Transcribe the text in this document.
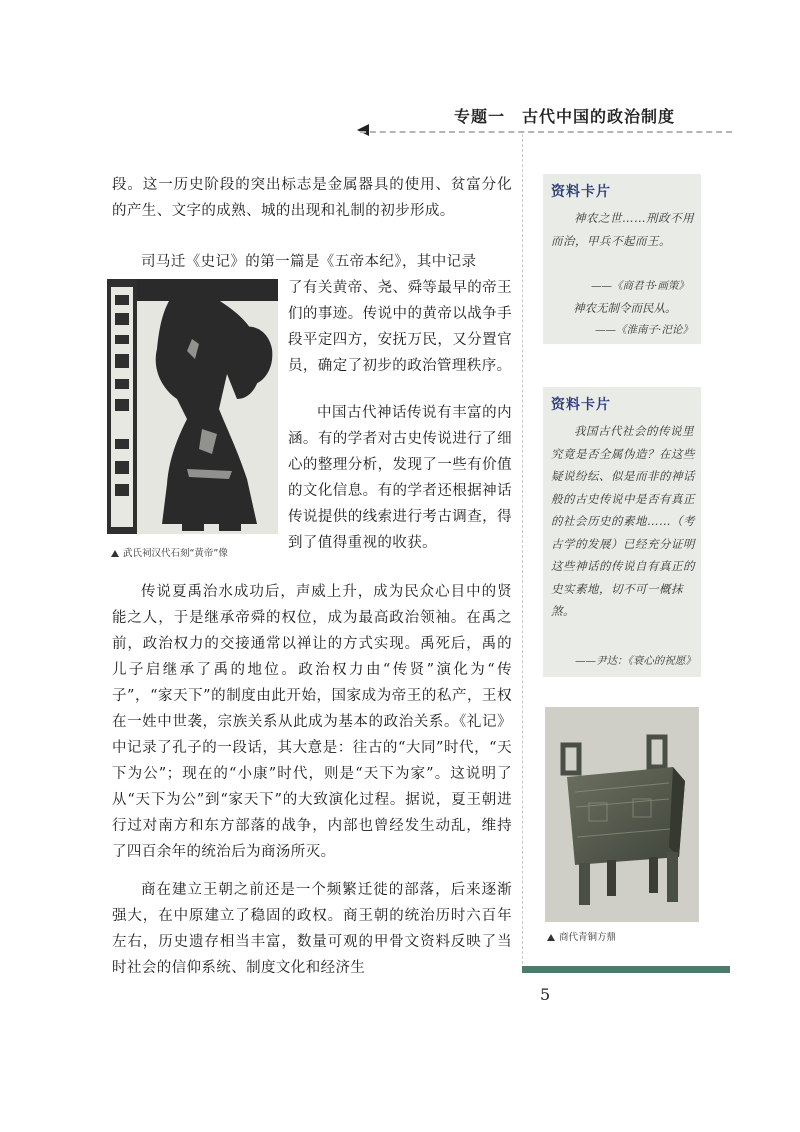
专题一　古代中国的政治制度

段。这一历史阶段的突出标志是金属器具的使用、贫富分化的产生、文字的成熟、城的出现和礼制的初步形成。

司马迁《史记》的第一篇是《五帝本纪》，其中记录

了有关黄帝、尧、舜等最早的帝王们的事迹。传说中的黄帝以战争手段平定四方，安抚万民，又分置官员，确定了初步的政治管理秩序。

中国古代神话传说有丰富的内涵。有的学者对古史传说进行了细心的整理分析，发现了一些有价值的文化信息。有的学者还根据神话传说提供的线索进行考古调查，得到了值得重视的收获。

传说夏禹治水成功后，声威上升，成为民众心目中的贤能之人，于是继承帝舜的权位，成为最高政治领袖。在禹之前，政治权力的交接通常以禅让的方式实现。禹死后，禹的儿子启继承了禹的地位。政治权力由“传贤”演化为“传子”，“家天下”的制度由此开始，国家成为帝王的私产，王权在一姓中世袭，宗族关系从此成为基本的政治关系。《礼记》中记录了孔子的一段话，其大意是：往古的“大同”时代，“天下为公”；现在的“小康”时代，则是“天下为家”。这说明了从“天下为公”到“家天下”的大致演化过程。据说，夏王朝进行过对南方和东方部落的战争，内部也曾经发生动乱，维持了四百余年的统治后为商汤所灭。

商在建立王朝之前还是一个频繁迁徙的部落，后来逐渐强大，在中原建立了稳固的政权。商王朝的统治历时六百年左右，历史遗存相当丰富，数量可观的甲骨文资料反映了当时社会的信仰系统、制度文化和经济生

武氏祠汉代石刻“黄帝”像
资料卡片

神农之世……刑政不用而治，甲兵不起而王。

——《商君书·画策》
神农无制令而民从。
——《淮南子·汜论》
资料卡片

我国古代社会的传说里究竟是否全属伪造？在这些疑说纷纭、似是而非的神话般的古史传说中是否有真正的社会历史的素地……（考古学的发展）已经充分证明这些神话的传说自有真正的史实素地，切不可一概抹煞。

——尹达：《衰心的祝愿》
商代青铜方鼎
5
